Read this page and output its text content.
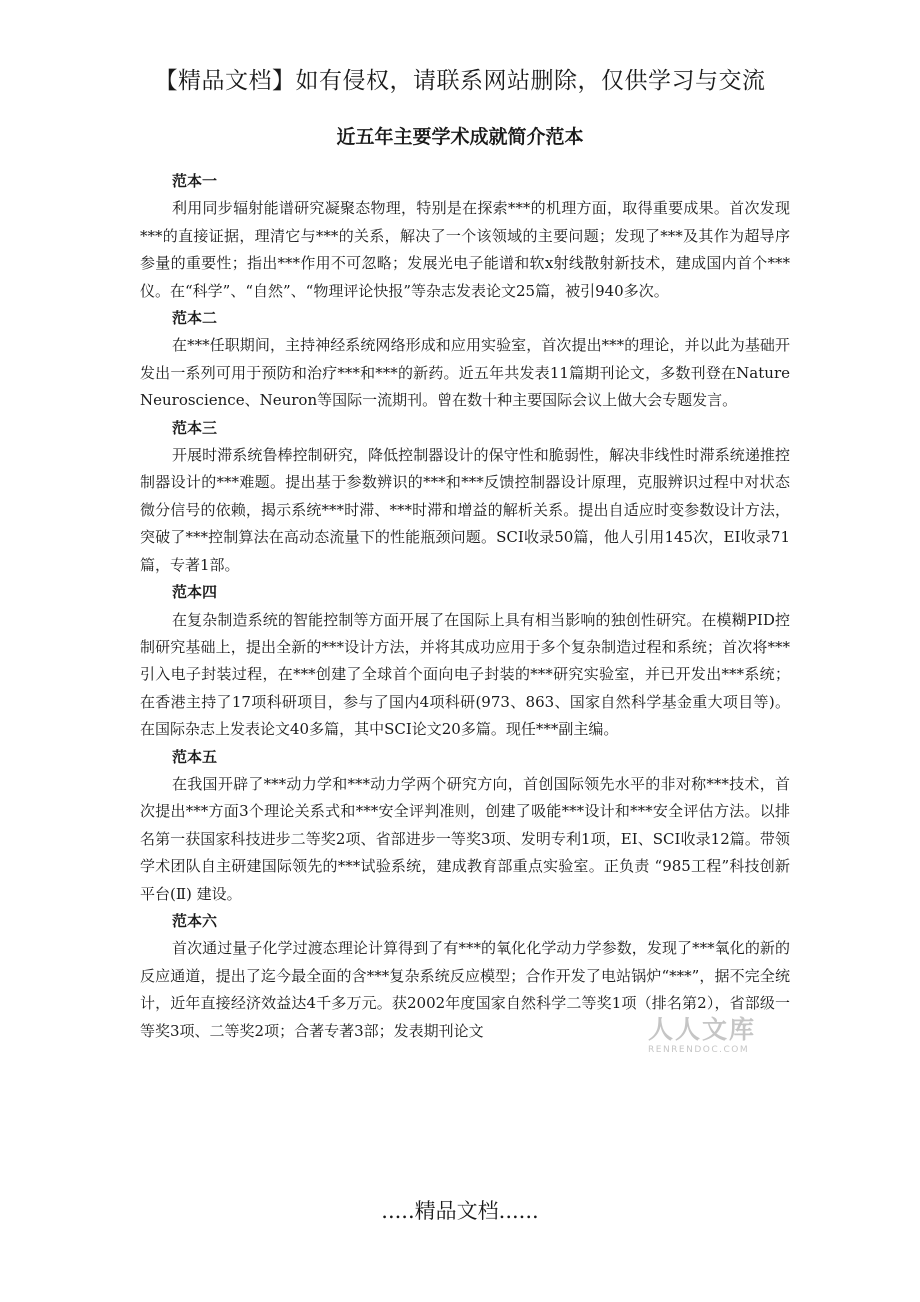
【精品文档】如有侵权，请联系网站删除，仅供学习与交流
近五年主要学术成就简介范本
范本一

利用同步辐射能谱研究凝聚态物理，特别是在探索***的机理方面，取得重要成果。首次发现***的直接证据，理清它与***的关系，解决了一个该领域的主要问题；发现了***及其作为超导序参量的重要性；指出***作用不可忽略；发展光电子能谱和软x射线散射新技术，建成国内首个***仪。在“科学”、“自然”、“物理评论快报”等杂志发表论文25篇，被引940多次。

范本二

在***任职期间，主持神经系统网络形成和应用实验室，首次提出***的理论，并以此为基础开发出一系列可用于预防和治疗***和***的新药。近五年共发表11篇期刊论文，多数刊登在Nature Neuroscience、Neuron等国际一流期刊。曾在数十种主要国际会议上做大会专题发言。

范本三

开展时滞系统鲁棒控制研究，降低控制器设计的保守性和脆弱性，解决非线性时滞系统递推控制器设计的***难题。提出基于参数辨识的***和***反馈控制器设计原理，克服辨识过程中对状态微分信号的依赖，揭示系统***时滞、***时滞和增益的解析关系。提出自适应时变参数设计方法，突破了***控制算法在高动态流量下的性能瓶颈问题。SCI收录50篇，他人引用145次，EI收录71篇，专著1部。

范本四

在复杂制造系统的智能控制等方面开展了在国际上具有相当影响的独创性研究。在模糊PID控制研究基础上，提出全新的***设计方法，并将其成功应用于多个复杂制造过程和系统；首次将***引入电子封装过程，在***创建了全球首个面向电子封装的***研究实验室，并已开发出***系统；在香港主持了17项科研项目，参与了国内4项科研(973、863、国家自然科学基金重大项目等)。在国际杂志上发表论文40多篇，其中SCI论文20多篇。现任***副主编。

范本五

在我国开辟了***动力学和***动力学两个研究方向，首创国际领先水平的非对称***技术，首次提出***方面3个理论关系式和***安全评判准则，创建了吸能***设计和***安全评估方法。以排名第一获国家科技进步二等奖2项、省部进步一等奖3项、发明专利1项，EI、SCI收录12篇。带领学术团队自主研建国际领先的***试验系统，建成教育部重点实验室。正负责 “985工程”科技创新平台(Ⅱ) 建设。

范本六

首次通过量子化学过渡态理论计算得到了有***的氧化化学动力学参数，发现了***氧化的新的反应通道，提出了迄今最全面的含***复杂系统反应模型；合作开发了电站锅炉“***”，据不完全统计，近年直接经济效益达4千多万元。获2002年度国家自然科学二等奖1项（排名第2），省部级一等奖3项、二等奖2项；合著专著3部；发表期刊论文	人人文库
RENRENDOC.COM
.....精品文档......
